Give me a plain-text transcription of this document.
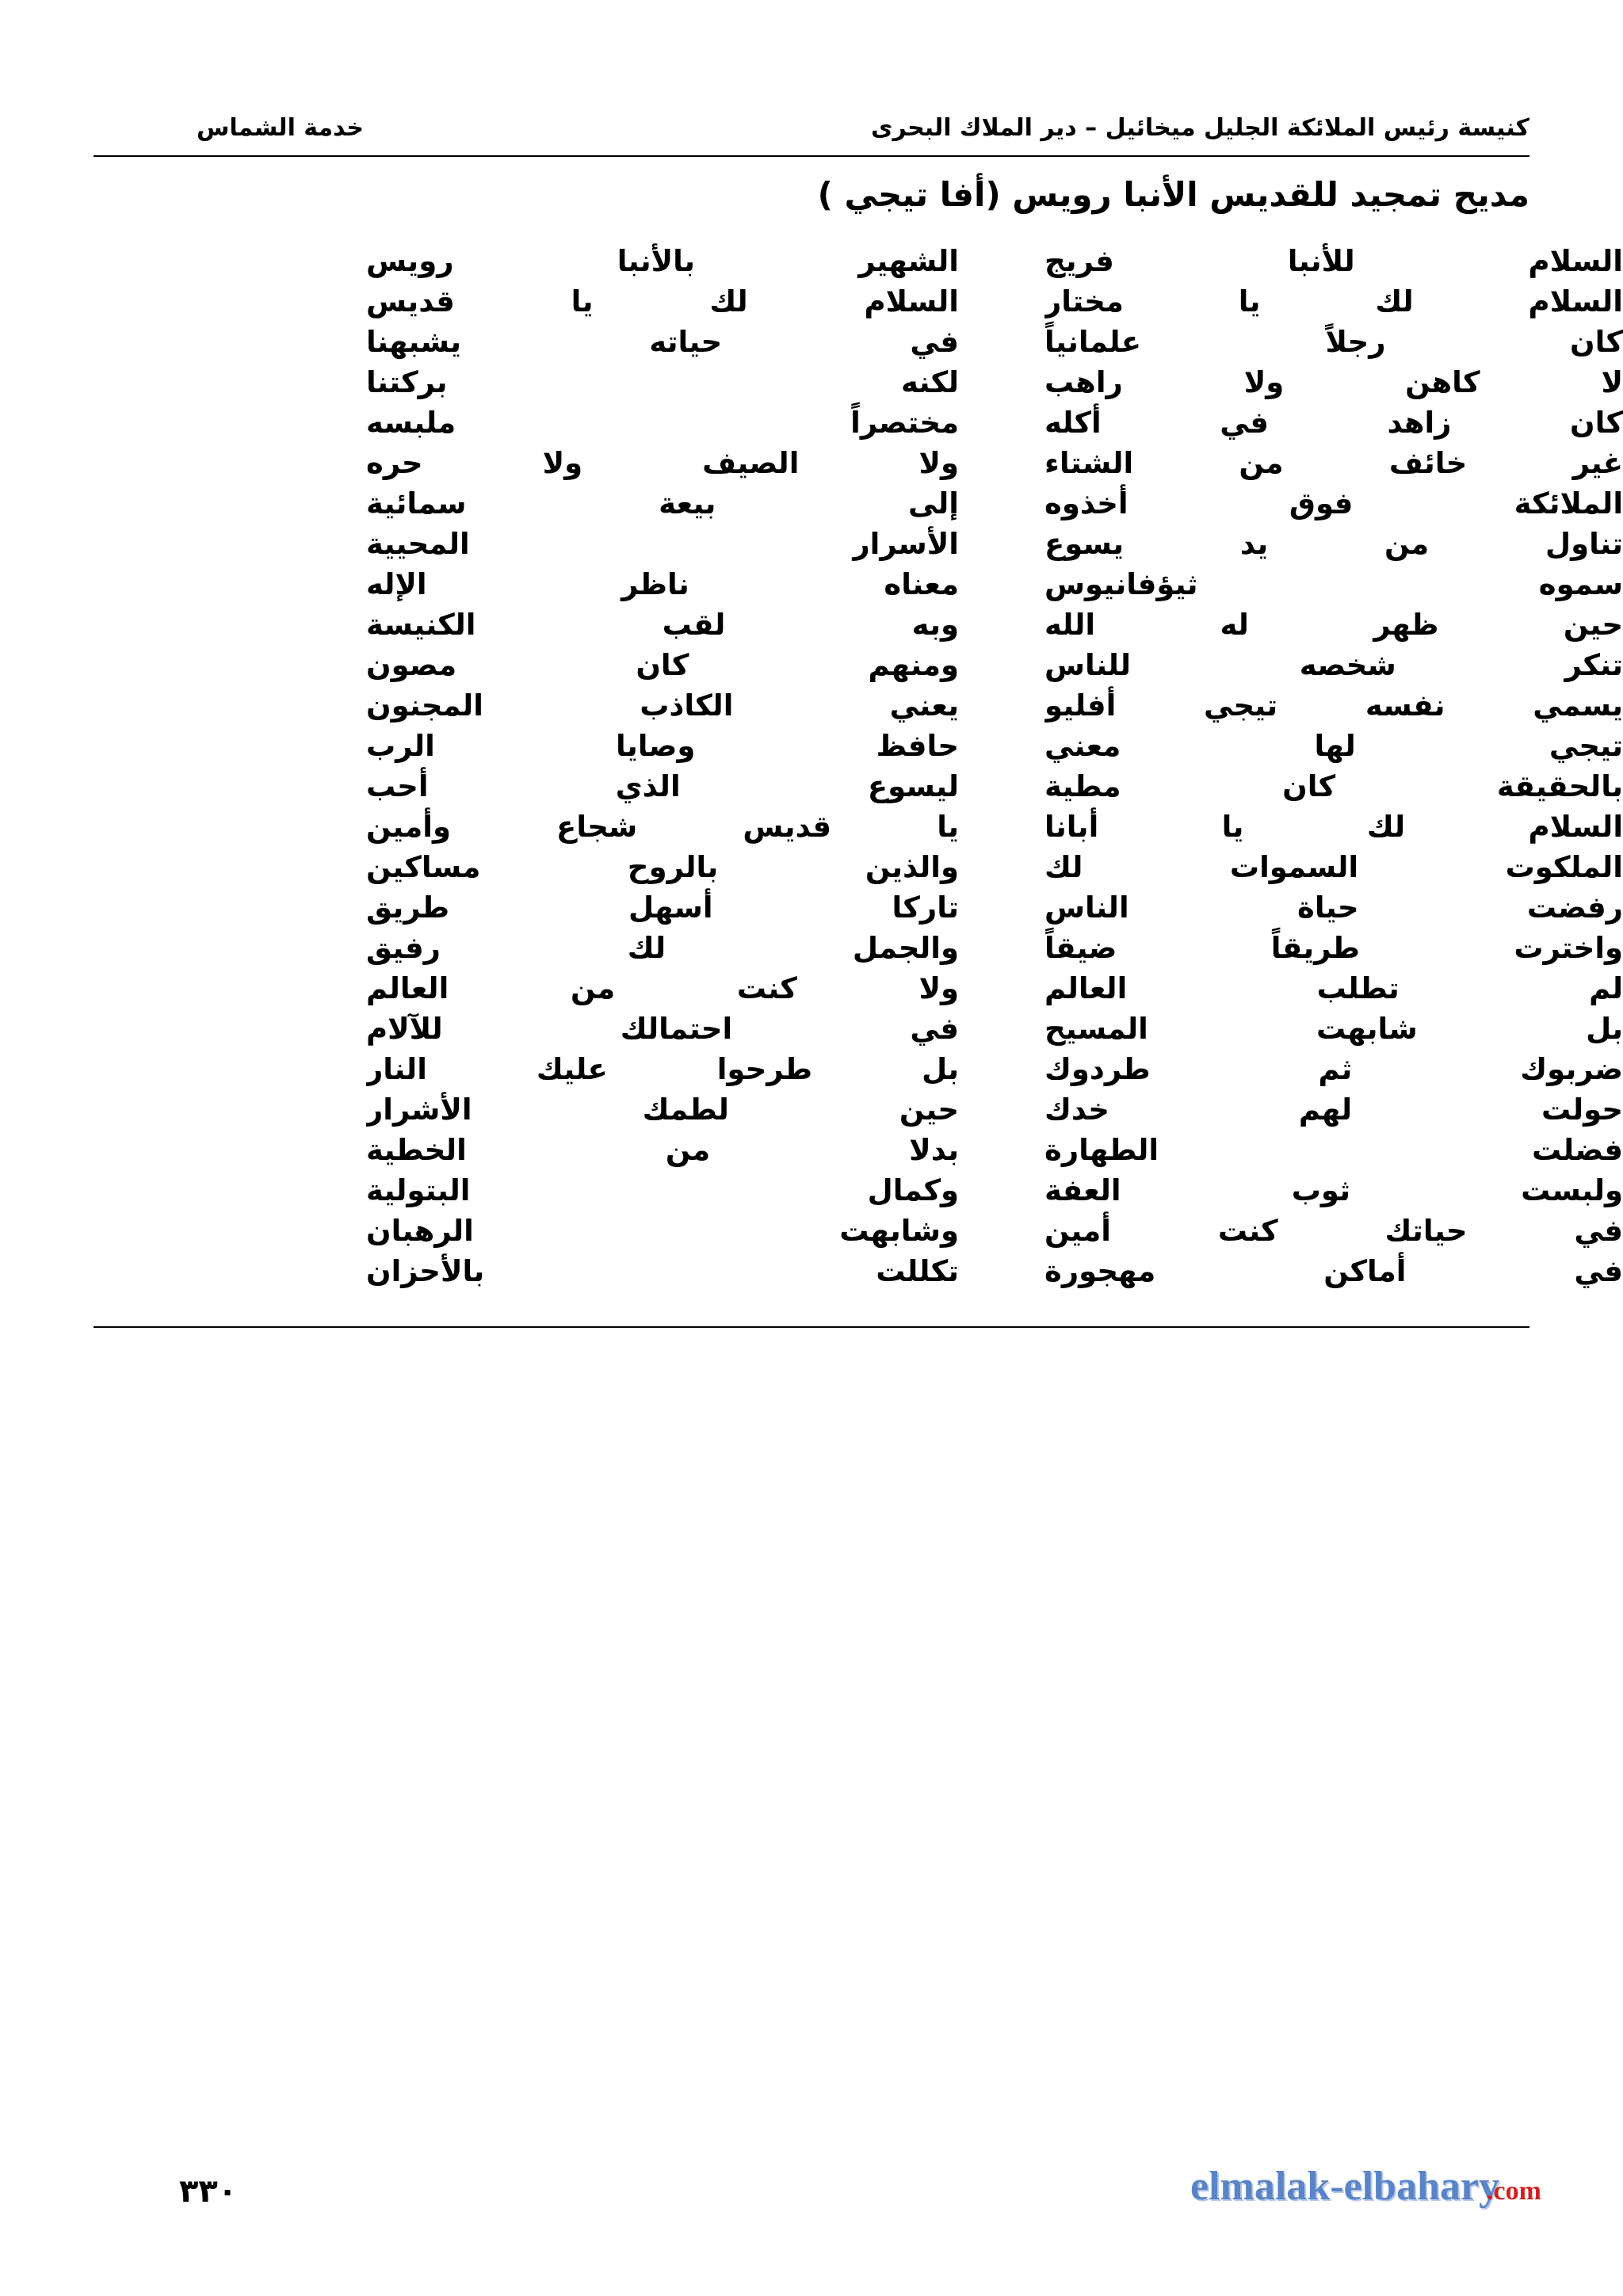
خدمة الشماس	كنيسة رئيس الملائكة الجليل ميخائيل – دير الملاك البحرى
مديح تمجيد للقديس الأنبا رويس (أفا تيجي )
السلام للأنبا فريج
الشهير بالأنبا رويس
السلام لك يا مختار
السلام لك يا قديس
كان رجلاً علمانياً
في حياته يشبهنا
لا كاهن ولا راهب
لكنه بركتنا
كان زاهد في أكله
مختصراً ملبسه
غير خائف من الشتاء
ولا الصيف ولا حره
الملائكة فوق أخذوه
إلى بيعة سمائية
تناول من يد يسوع
الأسرار المحيية
سموه ثيؤفانيوس
معناه ناظر الإله
حين ظهر له الله
وبه لقب الكنيسة
تنكر شخصه للناس
ومنهم كان مصون
يسمي نفسه تيجي أفليو
يعني الكاذب المجنون
تيجي لها معني
حافظ وصايا الرب
بالحقيقة كان مطية
ليسوع الذي أحب
السلام لك يا أبانا
يا قديس شجاع وأمين
الملكوت السموات لك
والذين بالروح مساكين
رفضت حياة الناس
تاركا أسهل طريق
واخترت طريقاً ضيقاً
والجمل لك رفيق
لم تطلب العالم
ولا كنت من العالم
بل شابهت المسيح
في احتمالك للآلام
ضربوك ثم طردوك
بل طرحوا عليك النار
حولت لهم خدك
حين لطمك الأشرار
فضلت الطهارة
بدلا من الخطية
ولبست ثوب العفة
وكمال البتولية
في حياتك كنت أمين
وشابهت الرهبان
في أماكن مهجورة
تكللت بالأحزان
٣٣٠	elmalak-elbahary
.com
